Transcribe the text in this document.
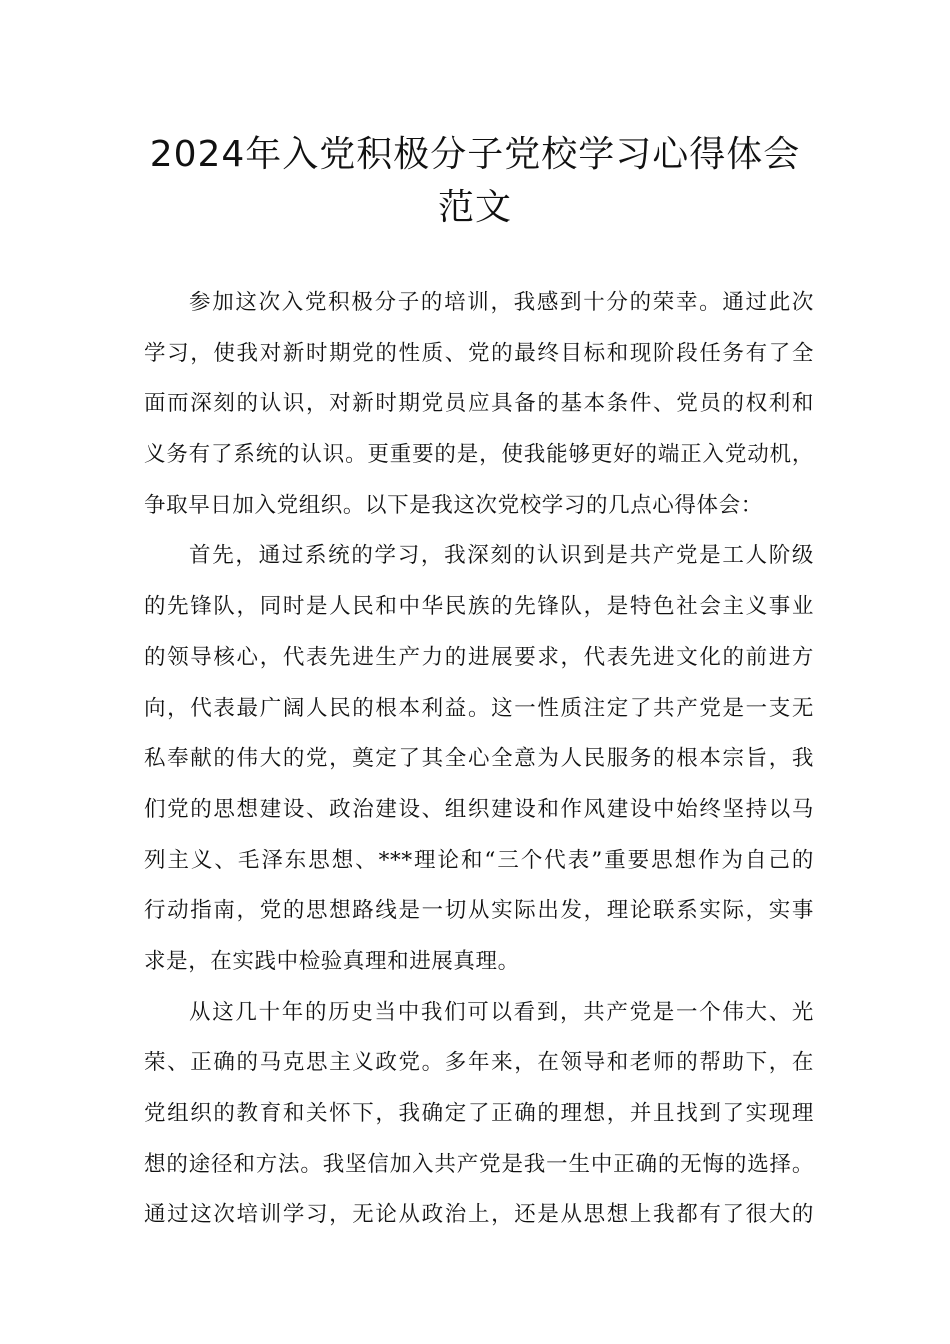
2024年入党积极分子党校学习心得体会
范文
参加这次入党积极分子的培训，我感到十分的荣幸。通过此次
学习，使我对新时期党的性质、党的最终目标和现阶段任务有了全
面而深刻的认识，对新时期党员应具备的基本条件、党员的权利和
义务有了系统的认识。更重要的是，使我能够更好的端正入党动机，
争取早日加入党组织。以下是我这次党校学习的几点心得体会：
首先，通过系统的学习，我深刻的认识到是共产党是工人阶级
的先锋队，同时是人民和中华民族的先锋队，是特色社会主义事业
的领导核心，代表先进生产力的进展要求，代表先进文化的前进方
向，代表最广阔人民的根本利益。这一性质注定了共产党是一支无
私奉献的伟大的党，奠定了其全心全意为人民服务的根本宗旨，我
们党的思想建设、政治建设、组织建设和作风建设中始终坚持以马
列主义、毛泽东思想、***理论和“三个代表”重要思想作为自己的
行动指南，党的思想路线是一切从实际出发，理论联系实际，实事
求是，在实践中检验真理和进展真理。
从这几十年的历史当中我们可以看到，共产党是一个伟大、光
荣、正确的马克思主义政党。多年来，在领导和老师的帮助下，在
党组织的教育和关怀下，我确定了正确的理想，并且找到了实现理
想的途径和方法。我坚信加入共产党是我一生中正确的无悔的选择。
通过这次培训学习，无论从政治上，还是从思想上我都有了很大的
